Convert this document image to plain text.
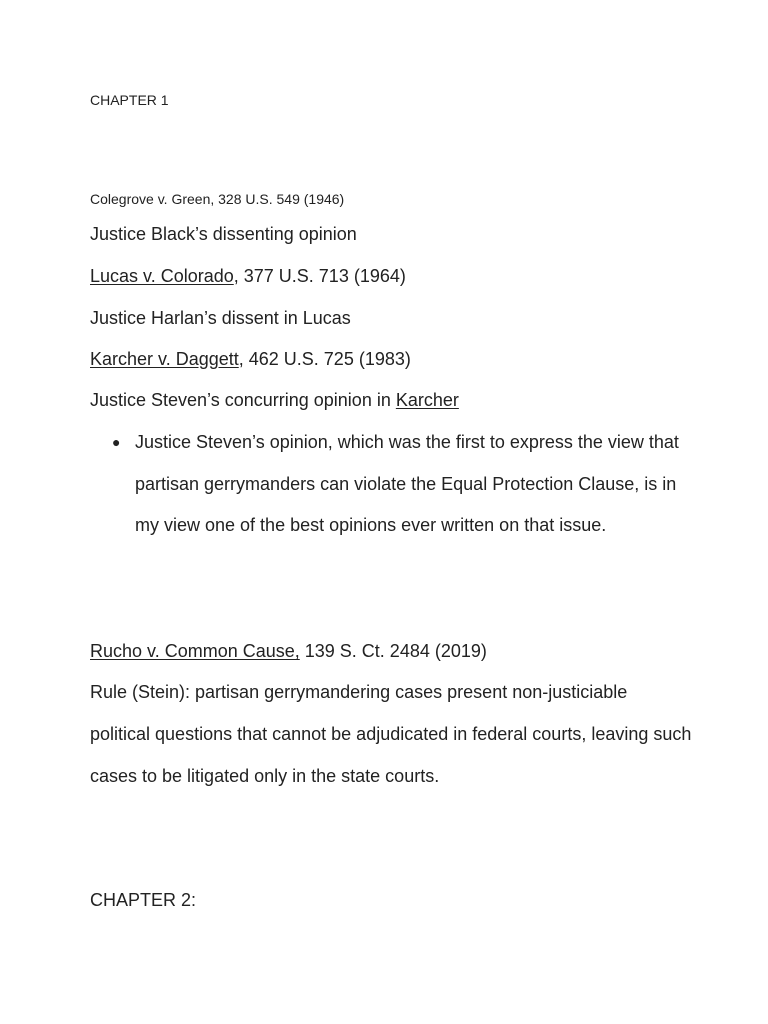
CHAPTER 1
Colegrove v. Green, 328 U.S. 549 (1946)
Justice Black’s dissenting opinion
Lucas v. Colorado, 377 U.S. 713 (1964)
Justice Harlan’s dissent in Lucas
Karcher v. Daggett, 462 U.S. 725 (1983)
Justice Steven’s concurring opinion in Karcher
● Justice Steven’s opinion, which was the first to express the view that
partisan gerrymanders can violate the Equal Protection Clause, is in
my view one of the best opinions ever written on that issue.
Rucho v. Common Cause, 139 S. Ct. 2484 (2019)
Rule (Stein): partisan gerrymandering cases present non-justiciable
political questions that cannot be adjudicated in federal courts, leaving such
cases to be litigated only in the state courts.
CHAPTER 2:
